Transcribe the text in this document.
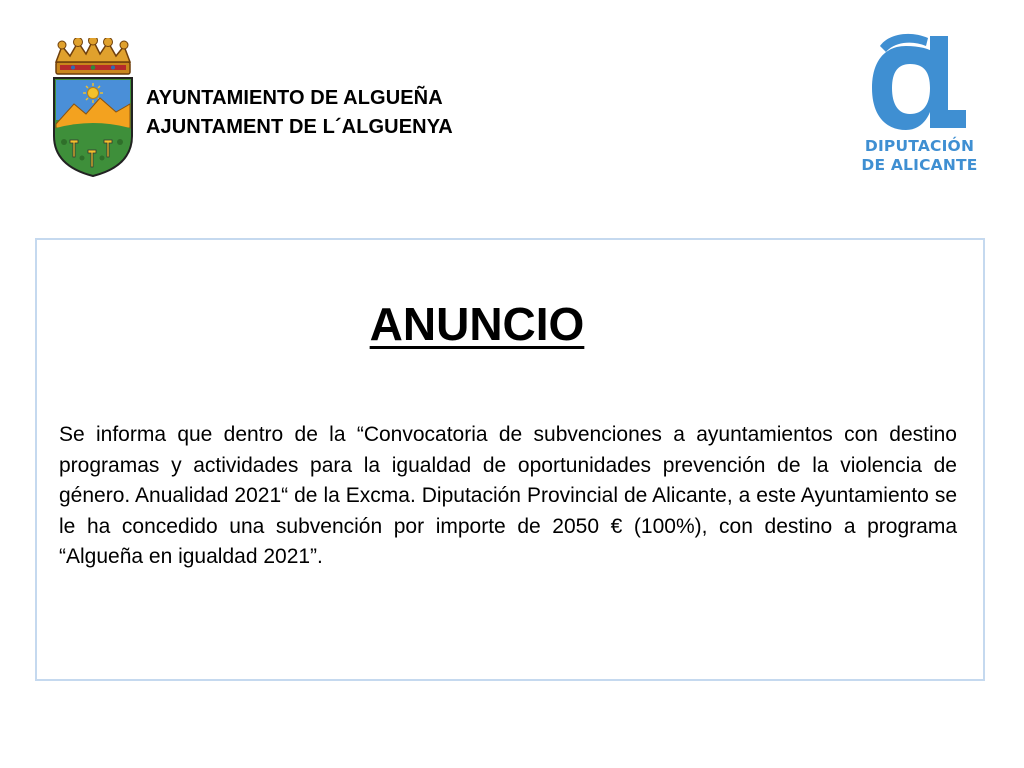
AYUNTAMIENTO DE ALGUEÑA
AJUNTAMENT DE L´ALGUENYA
DIPUTACIÓN
DE ALICANTE
ANUNCIO
Se informa que dentro de la “Convocatoria de subvenciones a ayuntamientos con destino programas y actividades para la igualdad de oportunidades prevención de la violencia de género. Anualidad 2021“ de la Excma. Diputación Provincial de Alicante, a este Ayuntamiento se le ha concedido una subvención por importe de 2050 € (100%), con destino a programa “Algueña en igualdad 2021”.
